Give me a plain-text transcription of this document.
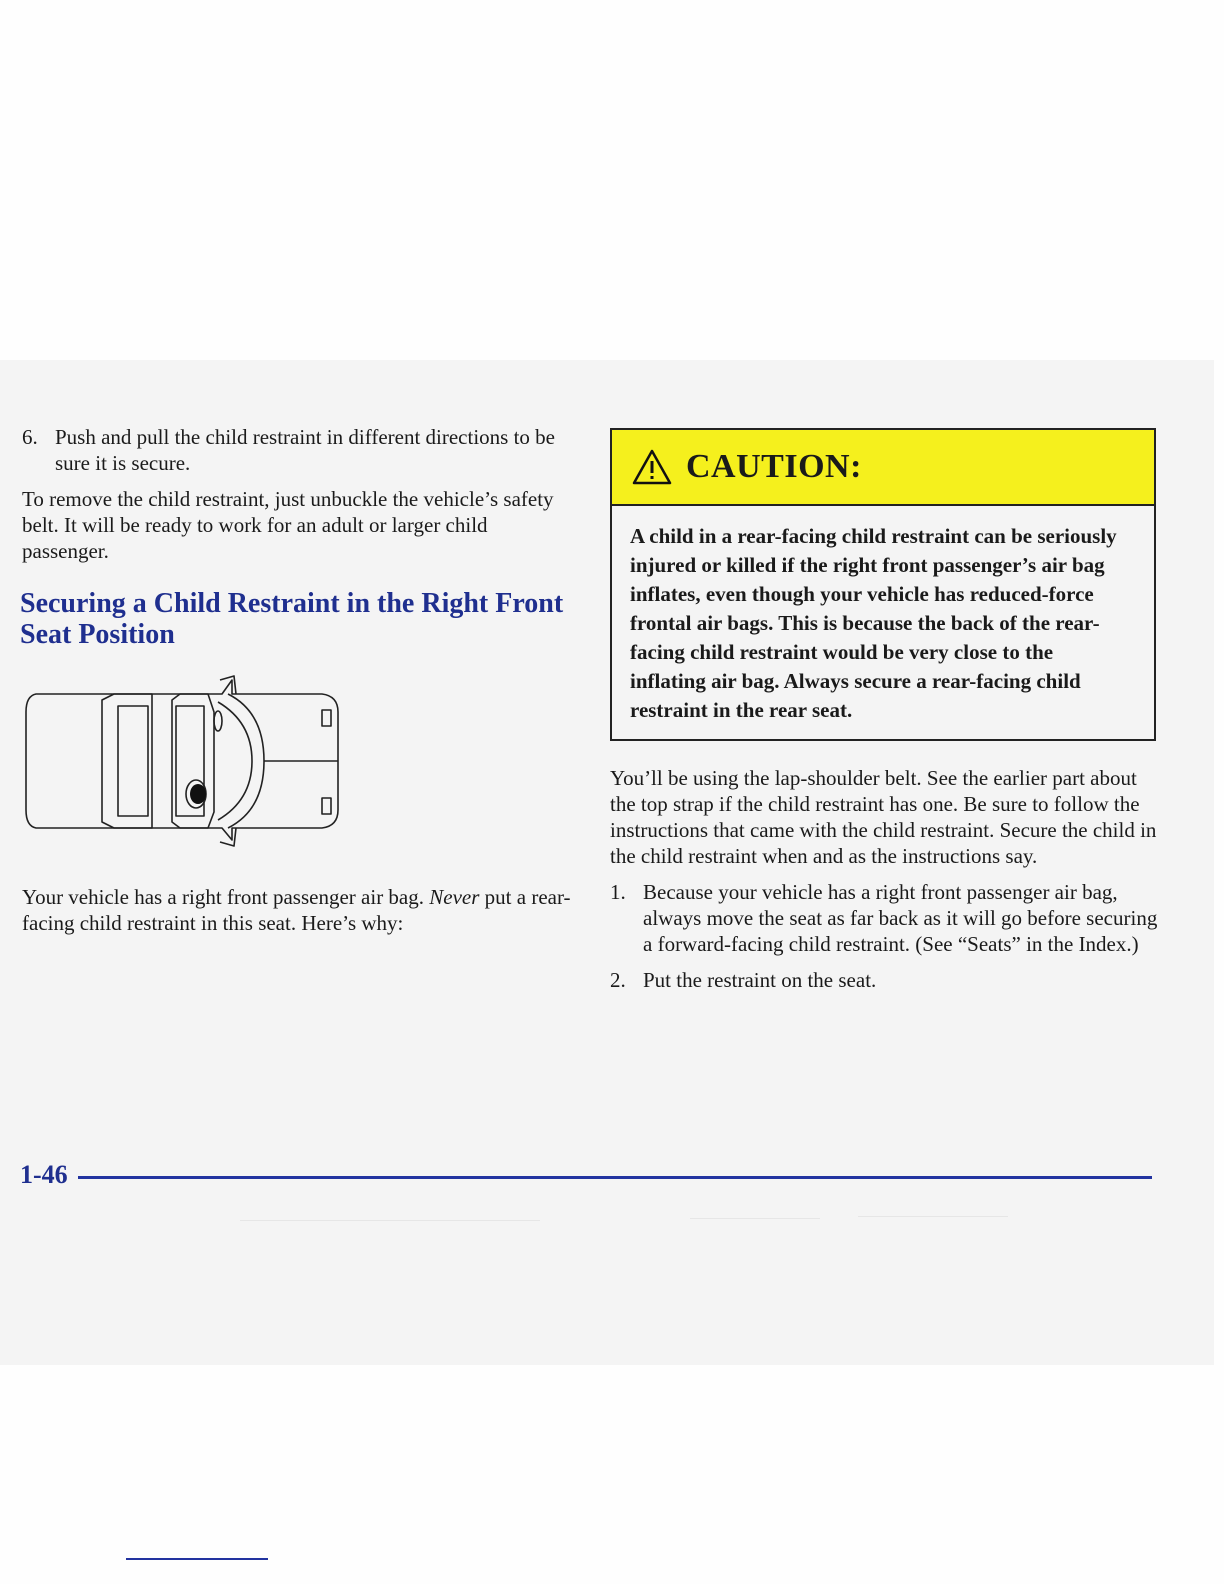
6. Push and pull the child restraint in different directions to be sure it is secure.

To remove the child restraint, just unbuckle the vehicle’s safety belt. It will be ready to work for an adult or larger child passenger.

Securing a Child Restraint in the Right Front Seat Position

Your vehicle has a right front passenger air bag. Never put a rear-facing child restraint in this seat. Here’s why:

CAUTION:
A child in a rear-facing child restraint can be seriously injured or killed if the right front passenger’s air bag inflates, even though your vehicle has reduced-force frontal air bags. This is because the back of the rear-facing child restraint would be very close to the inflating air bag. Always secure a rear-facing child restraint in the rear seat.

You’ll be using the lap-shoulder belt. See the earlier part about the top strap if the child restraint has one. Be sure to follow the instructions that came with the child restraint. Secure the child in the child restraint when and as the instructions say.

1. Because your vehicle has a right front passenger air bag, always move the seat as far back as it will go before securing a forward-facing child restraint. (See “Seats” in the Index.)
2. Put the restraint on the seat.
1-46
